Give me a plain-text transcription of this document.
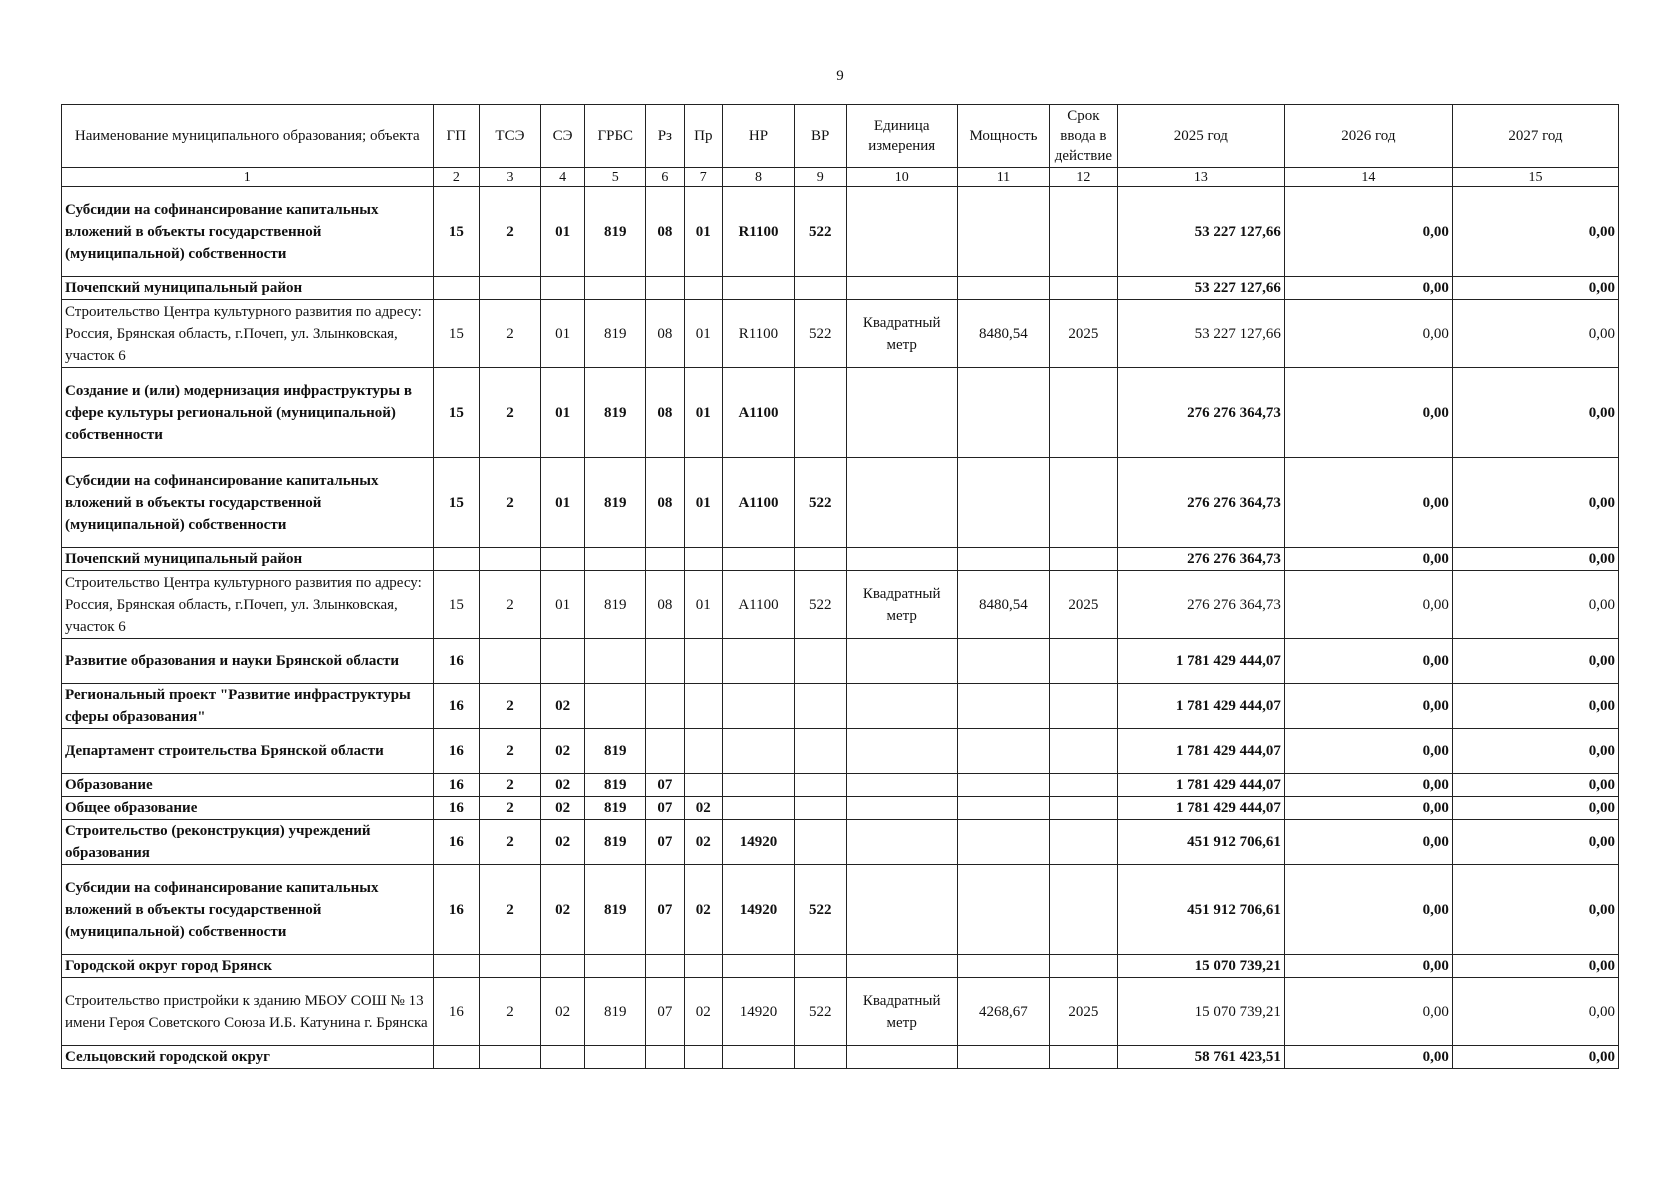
9
Наименование муниципального образования; объекта	ГП	ТСЭ	СЭ	ГРБС	Рз	Пр	НР	ВР	Единица измерения	Мощность	Срок ввода в действие	2025 год	2026 год	2027 год
1	2	3	4	5	6	7	8	9	10	11	12	13	14	15
Субсидии на софинансирование капитальных вложений в объекты государственной (муниципальной) собственности	15	2	01	819	08	01	R1100	522				53 227 127,66	0,00	0,00
Почепский муниципальный район												53 227 127,66	0,00	0,00
Строительство Центра культурного развития по адресу: Россия, Брянская область, г.Почеп, ул. Злынковская, участок 6	15	2	01	819	08	01	R1100	522	Квадратный метр	8480,54	2025	53 227 127,66	0,00	0,00
Создание и (или) модернизация инфраструктуры в сфере культуры региональной (муниципальной) собственности	15	2	01	819	08	01	A1100					276 276 364,73	0,00	0,00
Субсидии на софинансирование капитальных вложений в объекты государственной (муниципальной) собственности	15	2	01	819	08	01	A1100	522				276 276 364,73	0,00	0,00
Почепский муниципальный район												276 276 364,73	0,00	0,00
Строительство Центра культурного развития по адресу: Россия, Брянская область, г.Почеп, ул. Злынковская, участок 6	15	2	01	819	08	01	A1100	522	Квадратный метр	8480,54	2025	276 276 364,73	0,00	0,00
Развитие образования и науки Брянской области	16											1 781 429 444,07	0,00	0,00
Региональный проект "Развитие инфраструктуры сферы образования"	16	2	02									1 781 429 444,07	0,00	0,00
Департамент строительства Брянской области	16	2	02	819								1 781 429 444,07	0,00	0,00
Образование	16	2	02	819	07							1 781 429 444,07	0,00	0,00
Общее образование	16	2	02	819	07	02						1 781 429 444,07	0,00	0,00
Строительство (реконструкция) учреждений образования	16	2	02	819	07	02	14920					451 912 706,61	0,00	0,00
Субсидии на софинансирование капитальных вложений в объекты государственной (муниципальной) собственности	16	2	02	819	07	02	14920	522				451 912 706,61	0,00	0,00
Городской округ город Брянск												15 070 739,21	0,00	0,00
Строительство пристройки к зданию МБОУ СОШ № 13 имени Героя Советского Союза И.Б. Катунина г. Брянска	16	2	02	819	07	02	14920	522	Квадратный метр	4268,67	2025	15 070 739,21	0,00	0,00
Сельцовский городской округ												58 761 423,51	0,00	0,00
